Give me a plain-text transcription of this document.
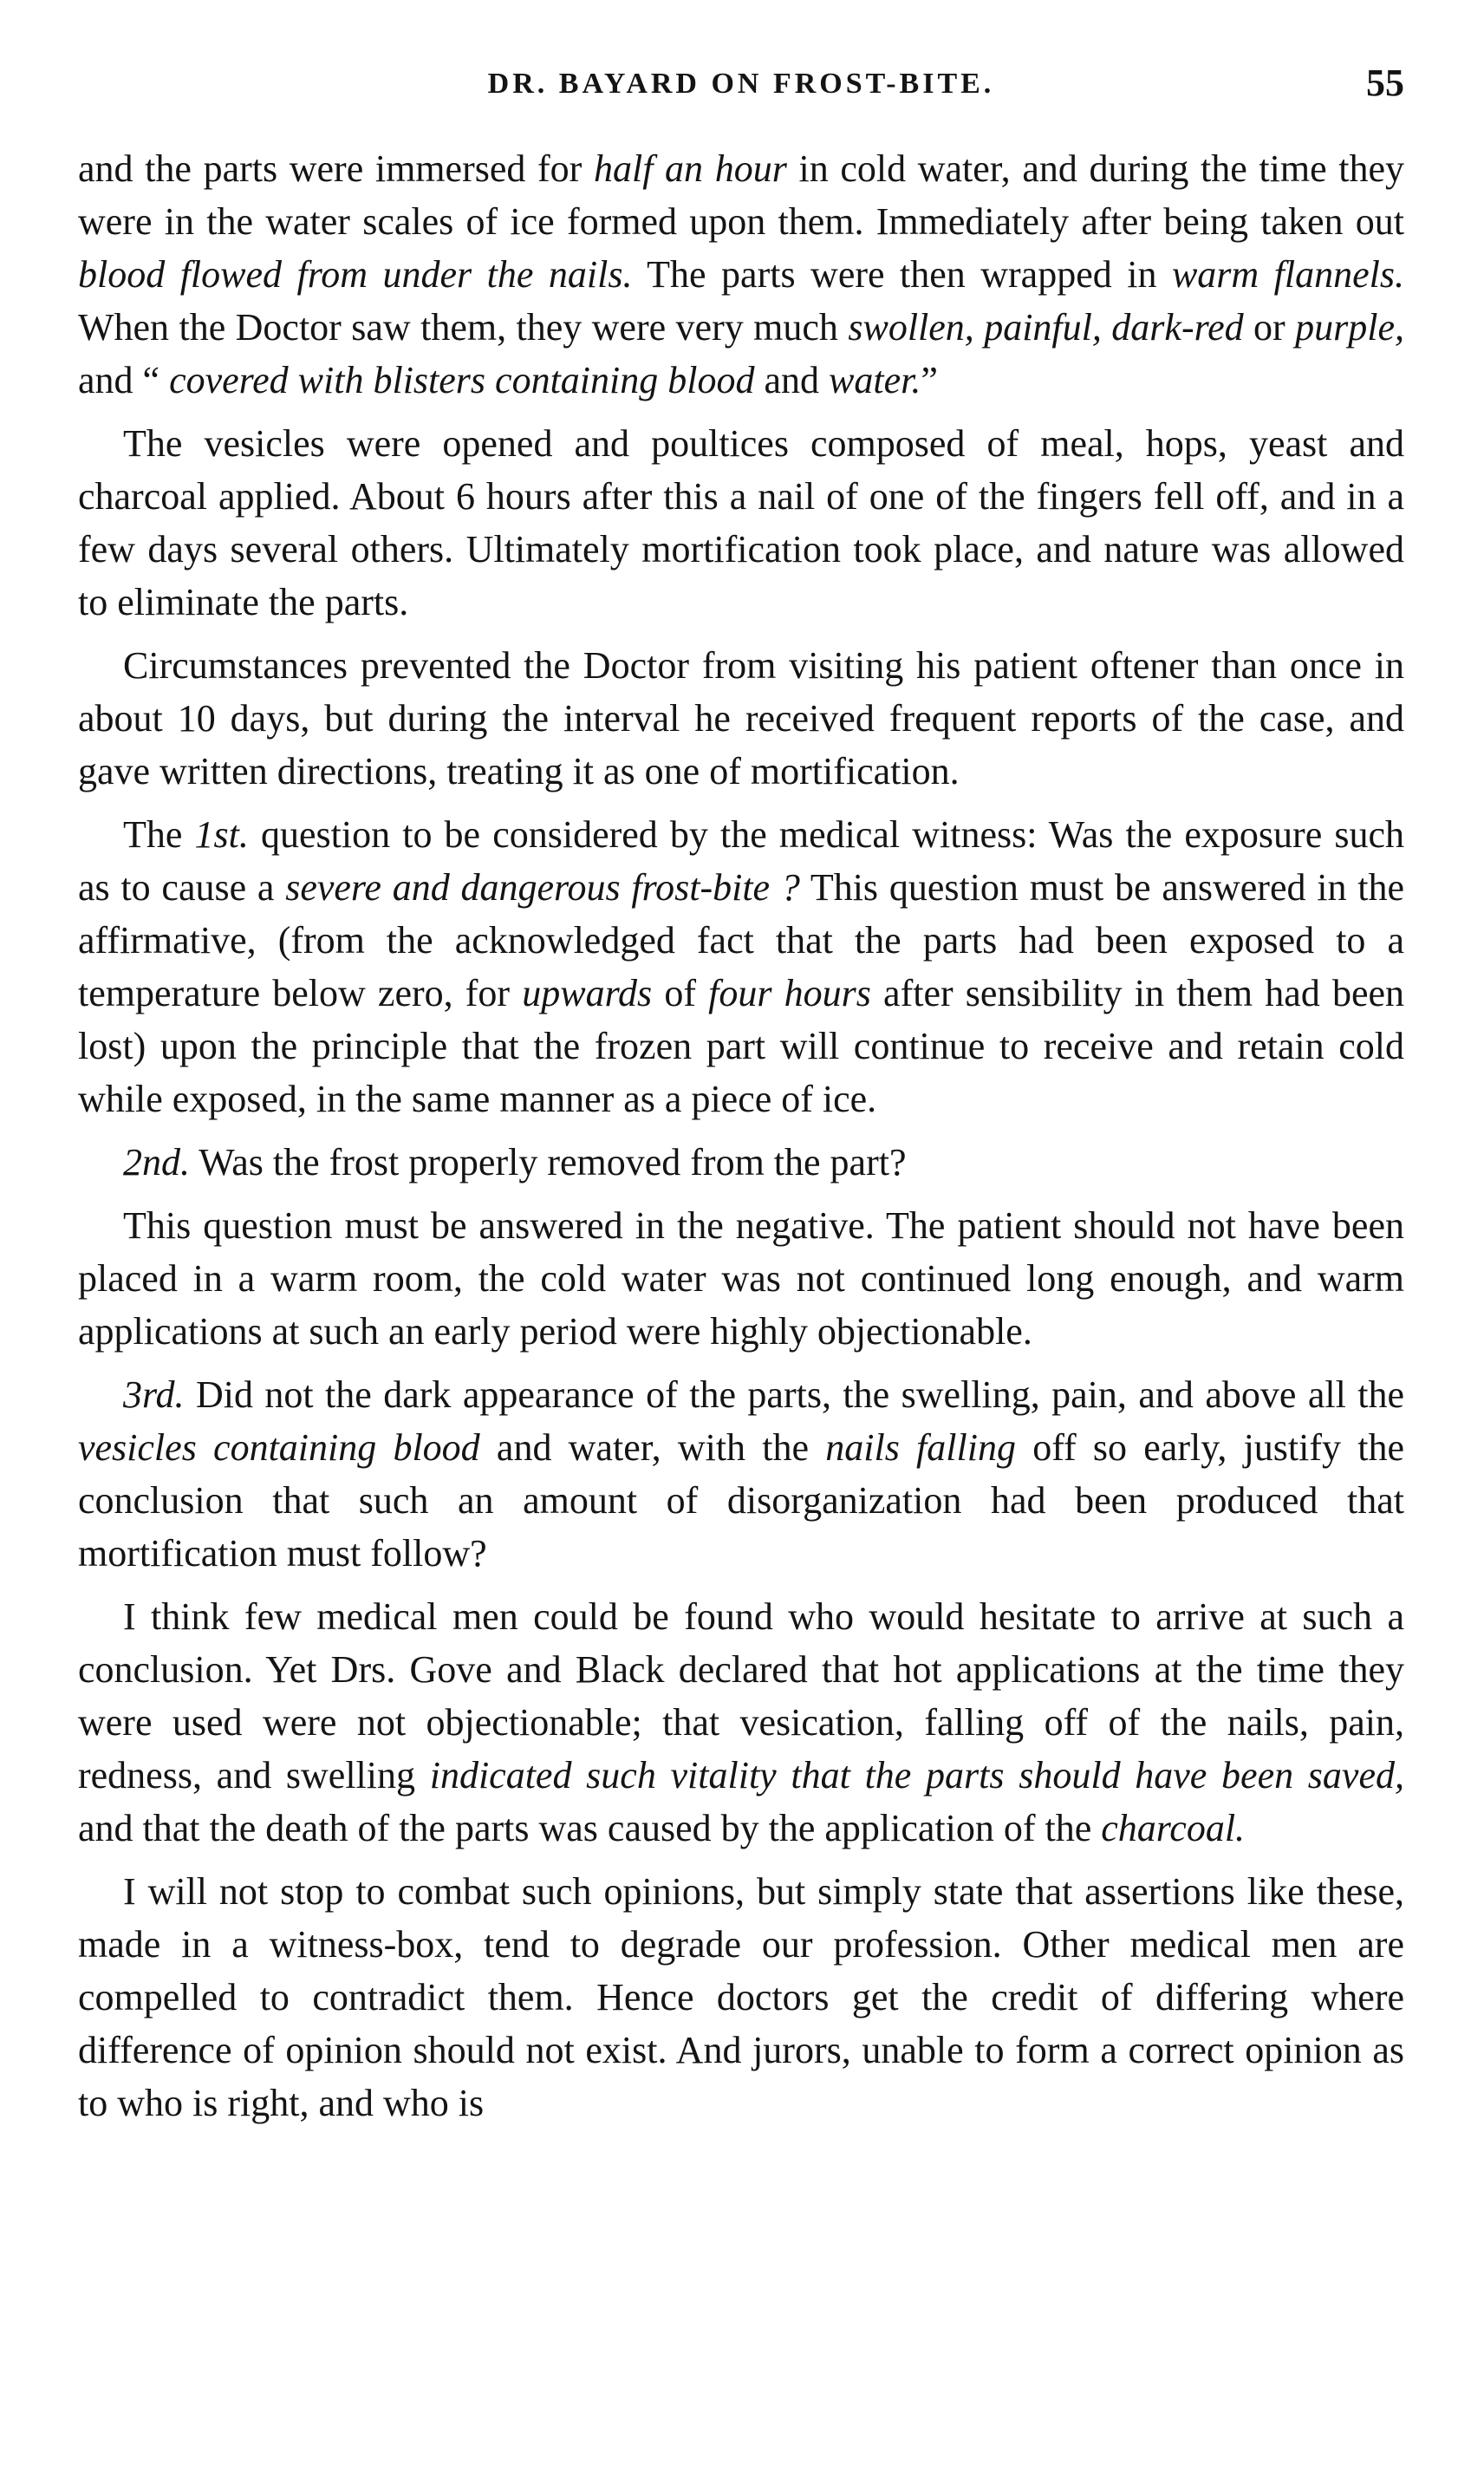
DR. BAYARD ON FROST-BITE.	55

and the parts were immersed for half an hour in cold water, and during the time they were in the water scales of ice formed upon them. Immediately after being taken out blood flowed from under the nails. The parts were then wrapped in warm flannels. When the Doctor saw them, they were very much swollen, painful, dark-red or purple, and “ covered with blisters containing blood and water.”

The vesicles were opened and poultices composed of meal, hops, yeast and charcoal applied. About 6 hours after this a nail of one of the fingers fell off, and in a few days several others. Ultimately mortification took place, and nature was allowed to eliminate the parts.

Circumstances prevented the Doctor from visiting his patient oftener than once in about 10 days, but during the interval he received frequent reports of the case, and gave written directions, treating it as one of mortification.

The 1st. question to be considered by the medical witness: Was the exposure such as to cause a severe and dangerous frost-bite ? This question must be answered in the affirmative, (from the acknowledged fact that the parts had been exposed to a temperature below zero, for upwards of four hours after sensibility in them had been lost) upon the principle that the frozen part will continue to receive and retain cold while exposed, in the same manner as a piece of ice.

2nd. Was the frost properly removed from the part?

This question must be answered in the negative. The patient should not have been placed in a warm room, the cold water was not continued long enough, and warm applications at such an early period were highly objectionable.

3rd. Did not the dark appearance of the parts, the swelling, pain, and above all the vesicles containing blood and water, with the nails falling off so early, justify the conclusion that such an amount of disorganization had been produced that mortification must follow?

I think few medical men could be found who would hesitate to arrive at such a conclusion. Yet Drs. Gove and Black declared that hot applications at the time they were used were not objectionable; that vesication, falling off of the nails, pain, redness, and swelling indicated such vitality that the parts should have been saved, and that the death of the parts was caused by the application of the charcoal.

I will not stop to combat such opinions, but simply state that assertions like these, made in a witness-box, tend to degrade our profession. Other medical men are compelled to contradict them. Hence doctors get the credit of differing where difference of opinion should not exist. And jurors, unable to form a correct opinion as to who is right, and who is
